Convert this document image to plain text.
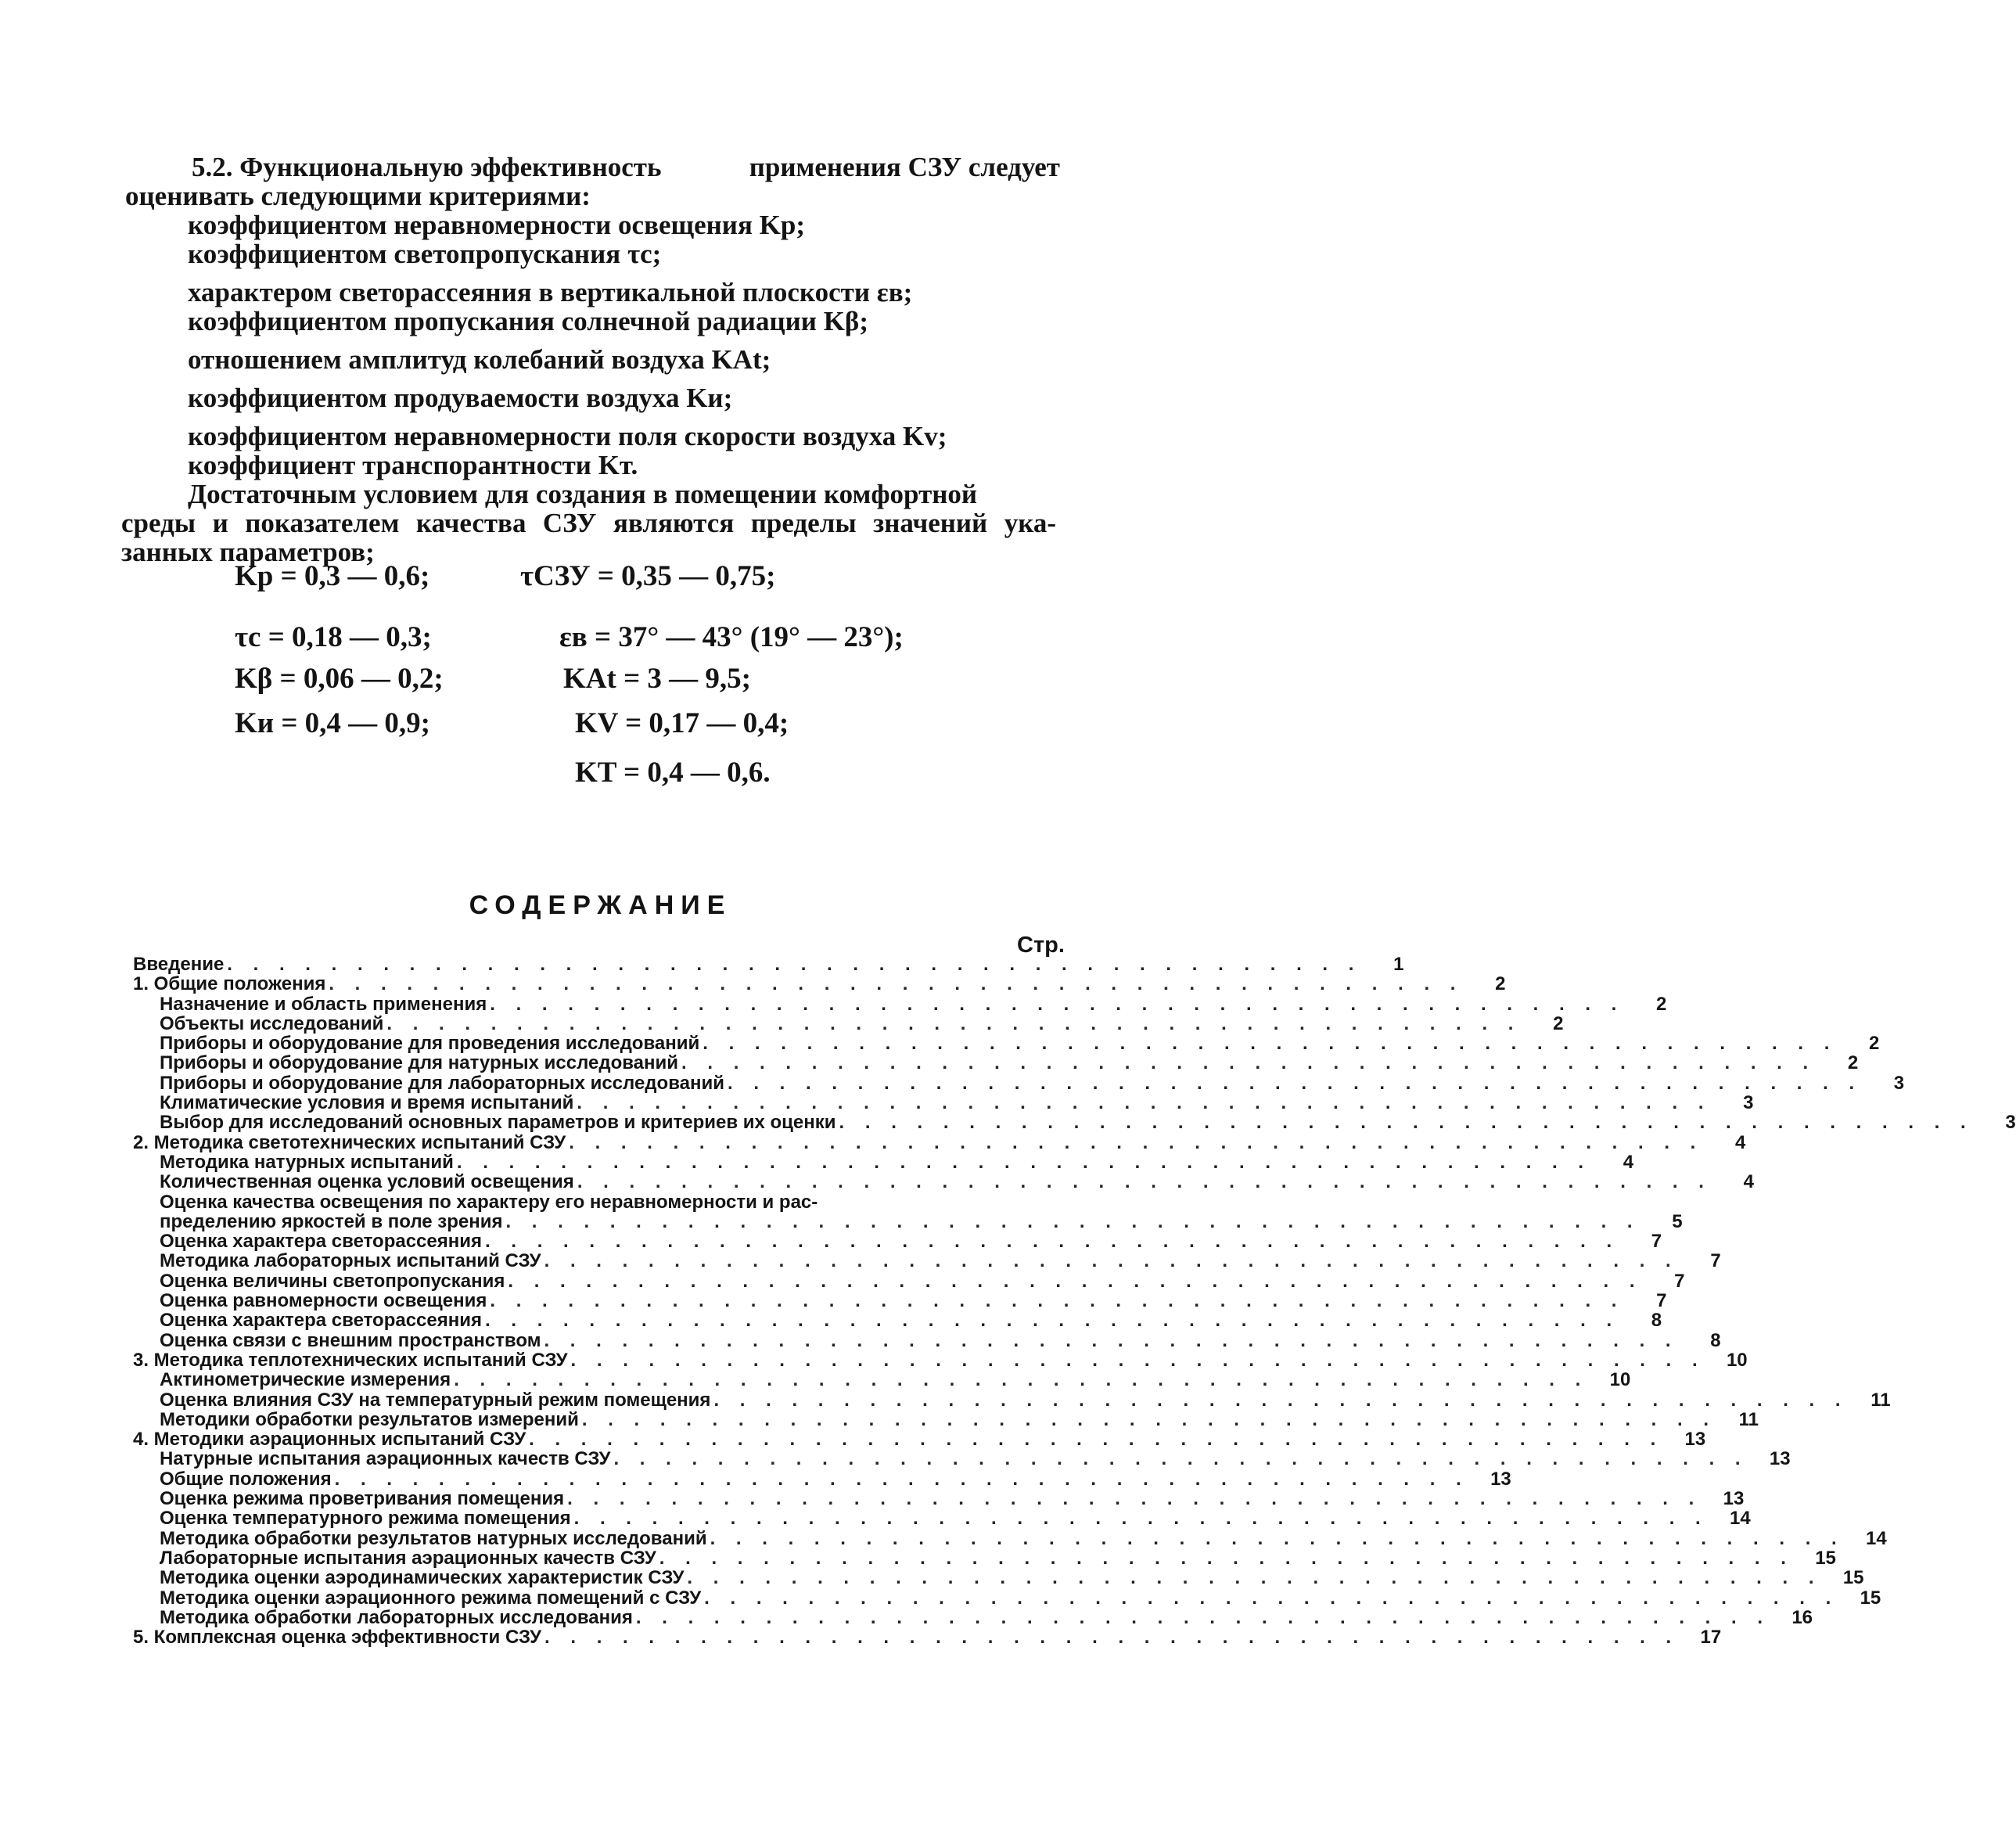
5.2. Функциональную эффективность	применения СЗУ следует
оценивать следующими критериями:
коэффициентом неравномерности освещения Kр;
коэффициентом светопропускания τс;
характером светорассеяния в вертикальной плоскости εв;
коэффициентом пропускания солнечной радиации Kβ;
отношением амплитуд колебаний воздуха KAt;
коэффициентом продуваемости воздуха Kи;
коэффициентом неравномерности поля скорости воздуха Kv;
коэффициент транспорантности Kт.
Достаточным условием для создания в помещении комфортной
среды и показателем качества СЗУ являются пределы значений ука-
занных параметров;
Kр = 0,3 — 0,6;	τСЗУ = 0,35 — 0,75;
τс = 0,18 — 0,3;	εв = 37° — 43° (19° — 23°);
Kβ = 0,06 — 0,2;	KAt = 3 — 9,5;
Kи = 0,4 — 0,9;	KV = 0,17 — 0,4;
KT = 0,4 — 0,6.
СОДЕРЖАНИЕ
Стр.
Введение . . . . . . . . . . . . . . . . . . . . . . . . . . . . . . . . . . . . . . . . . . . .	1
1. Общие положения . . . . . . . . . . . . . . . . . . . . . . . . . . . . . . . . . . . . . . . . . . . .	2
Назначение и область применения . . . . . . . . . . . . . . . . . . . . . . . . . . . . . . . . . . . . . . . . . . . .	2
Объекты исследований . . . . . . . . . . . . . . . . . . . . . . . . . . . . . . . . . . . . . . . . . . . .	2
Приборы и оборудование для проведения исследований . . . . . . . . . . . . . . . . . . . . . . . . . . . . . . . . . . . . . . . . . . . .	2
Приборы и оборудование для натурных исследований . . . . . . . . . . . . . . . . . . . . . . . . . . . . . . . . . . . . . . . . . . . .	2
Приборы и оборудование для лабораторных исследований . . . . . . . . . . . . . . . . . . . . . . . . . . . . . . . . . . . . . . . . . . . .	3
Климатические условия и время испытаний . . . . . . . . . . . . . . . . . . . . . . . . . . . . . . . . . . . . . . . . . . . .	3
Выбор для исследований основных параметров и критериев их оценки . . . . . . . . . . . . . . . . . . . . . . . . . . . . . . . . . . . . . . . . . . . .	3
2. Методика светотехнических испытаний СЗУ . . . . . . . . . . . . . . . . . . . . . . . . . . . . . . . . . . . . . . . . . . . .	4
Методика натурных испытаний . . . . . . . . . . . . . . . . . . . . . . . . . . . . . . . . . . . . . . . . . . . .	4
Количественная оценка условий освещения . . . . . . . . . . . . . . . . . . . . . . . . . . . . . . . . . . . . . . . . . . . .	4
Оценка качества освещения по характеру его неравномерности и рас-
пределению яркостей в поле зрения . . . . . . . . . . . . . . . . . . . . . . . . . . . . . . . . . . . . . . . . . . . .	5
Оценка характера светорассеяния . . . . . . . . . . . . . . . . . . . . . . . . . . . . . . . . . . . . . . . . . . . .	7
Методика лабораторных испытаний СЗУ . . . . . . . . . . . . . . . . . . . . . . . . . . . . . . . . . . . . . . . . . . . .	7
Оценка величины светопропускания . . . . . . . . . . . . . . . . . . . . . . . . . . . . . . . . . . . . . . . . . . . .	7
Оценка равномерности освещения . . . . . . . . . . . . . . . . . . . . . . . . . . . . . . . . . . . . . . . . . . . .	7
Оценка характера светорассеяния . . . . . . . . . . . . . . . . . . . . . . . . . . . . . . . . . . . . . . . . . . . .	8
Оценка связи с внешним пространством . . . . . . . . . . . . . . . . . . . . . . . . . . . . . . . . . . . . . . . . . . . .	8
3. Методика теплотехнических испытаний СЗУ . . . . . . . . . . . . . . . . . . . . . . . . . . . . . . . . . . . . . . . . . . . .	10
Актинометрические измерения . . . . . . . . . . . . . . . . . . . . . . . . . . . . . . . . . . . . . . . . . . . .	10
Оценка влияния СЗУ на температурный режим помещения . . . . . . . . . . . . . . . . . . . . . . . . . . . . . . . . . . . . . . . . . . . .	11
Методики обработки результатов измерений . . . . . . . . . . . . . . . . . . . . . . . . . . . . . . . . . . . . . . . . . . . .	11
4. Методики аэрационных испытаний СЗУ . . . . . . . . . . . . . . . . . . . . . . . . . . . . . . . . . . . . . . . . . . . .	13
Натурные испытания аэрационных качеств СЗУ . . . . . . . . . . . . . . . . . . . . . . . . . . . . . . . . . . . . . . . . . . . .	13
Общие положения . . . . . . . . . . . . . . . . . . . . . . . . . . . . . . . . . . . . . . . . . . . .	13
Оценка режима проветривания помещения . . . . . . . . . . . . . . . . . . . . . . . . . . . . . . . . . . . . . . . . . . . .	13
Оценка температурного режима помещения . . . . . . . . . . . . . . . . . . . . . . . . . . . . . . . . . . . . . . . . . . . .	14
Методика обработки результатов натурных исследований . . . . . . . . . . . . . . . . . . . . . . . . . . . . . . . . . . . . . . . . . . . .	14
Лабораторные испытания аэрационных качеств СЗУ . . . . . . . . . . . . . . . . . . . . . . . . . . . . . . . . . . . . . . . . . . . .	15
Методика оценки аэродинамических характеристик СЗУ . . . . . . . . . . . . . . . . . . . . . . . . . . . . . . . . . . . . . . . . . . . .	15
Методика оценки аэрационного режима помещений с СЗУ . . . . . . . . . . . . . . . . . . . . . . . . . . . . . . . . . . . . . . . . . . . .	15
Методика обработки лабораторных исследования . . . . . . . . . . . . . . . . . . . . . . . . . . . . . . . . . . . . . . . . . . . .	16
5. Комплексная оценка эффективности СЗУ . . . . . . . . . . . . . . . . . . . . . . . . . . . . . . . . . . . . . . . . . . . .	17
